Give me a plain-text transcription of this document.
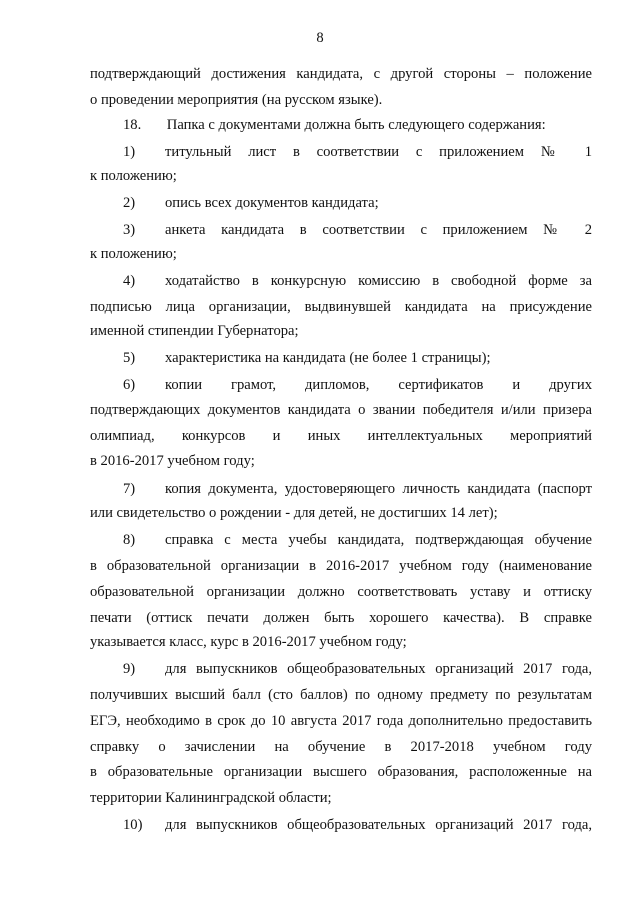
8
подтверждающий достижения кандидата, с другой стороны – положение
о проведении мероприятия (на русском языке).
18.       Папка с документами должна быть следующего содержания:
1) титульный лист в соответствии с приложением № 1
к положению;
2) опись всех документов кандидата;
3) анкета кандидата в соответствии с приложением № 2
к положению;
4) ходатайство в конкурсную комиссию в свободной форме за
подписью лица организации, выдвинувшей кандидата на присуждение
именной стипендии Губернатора;
5) характеристика на кандидата (не более 1 страницы);
6) копии грамот, дипломов, сертификатов и других
подтверждающих документов кандидата о звании победителя и/или призера
олимпиад, конкурсов и иных интеллектуальных мероприятий
в 2016-2017 учебном году;
7) копия документа, удостоверяющего личность кандидата (паспорт
или свидетельство о рождении - для детей, не достигших 14 лет);
8) справка с места учебы кандидата, подтверждающая обучение
в образовательной организации в 2016-2017 учебном году (наименование
образовательной организации должно соответствовать уставу и оттиску
печати (оттиск печати должен быть хорошего качества). В справке
указывается класс, курс в 2016-2017 учебном году;
9) для выпускников общеобразовательных организаций 2017 года,
получивших высший балл (сто баллов) по одному предмету по результатам
ЕГЭ, необходимо в срок до 10 августа 2017 года дополнительно предоставить
справку о зачислении на обучение в 2017-2018 учебном году
в образовательные организации высшего образования, расположенные на
территории Калининградской области;
10) для выпускников общеобразовательных организаций 2017 года,
